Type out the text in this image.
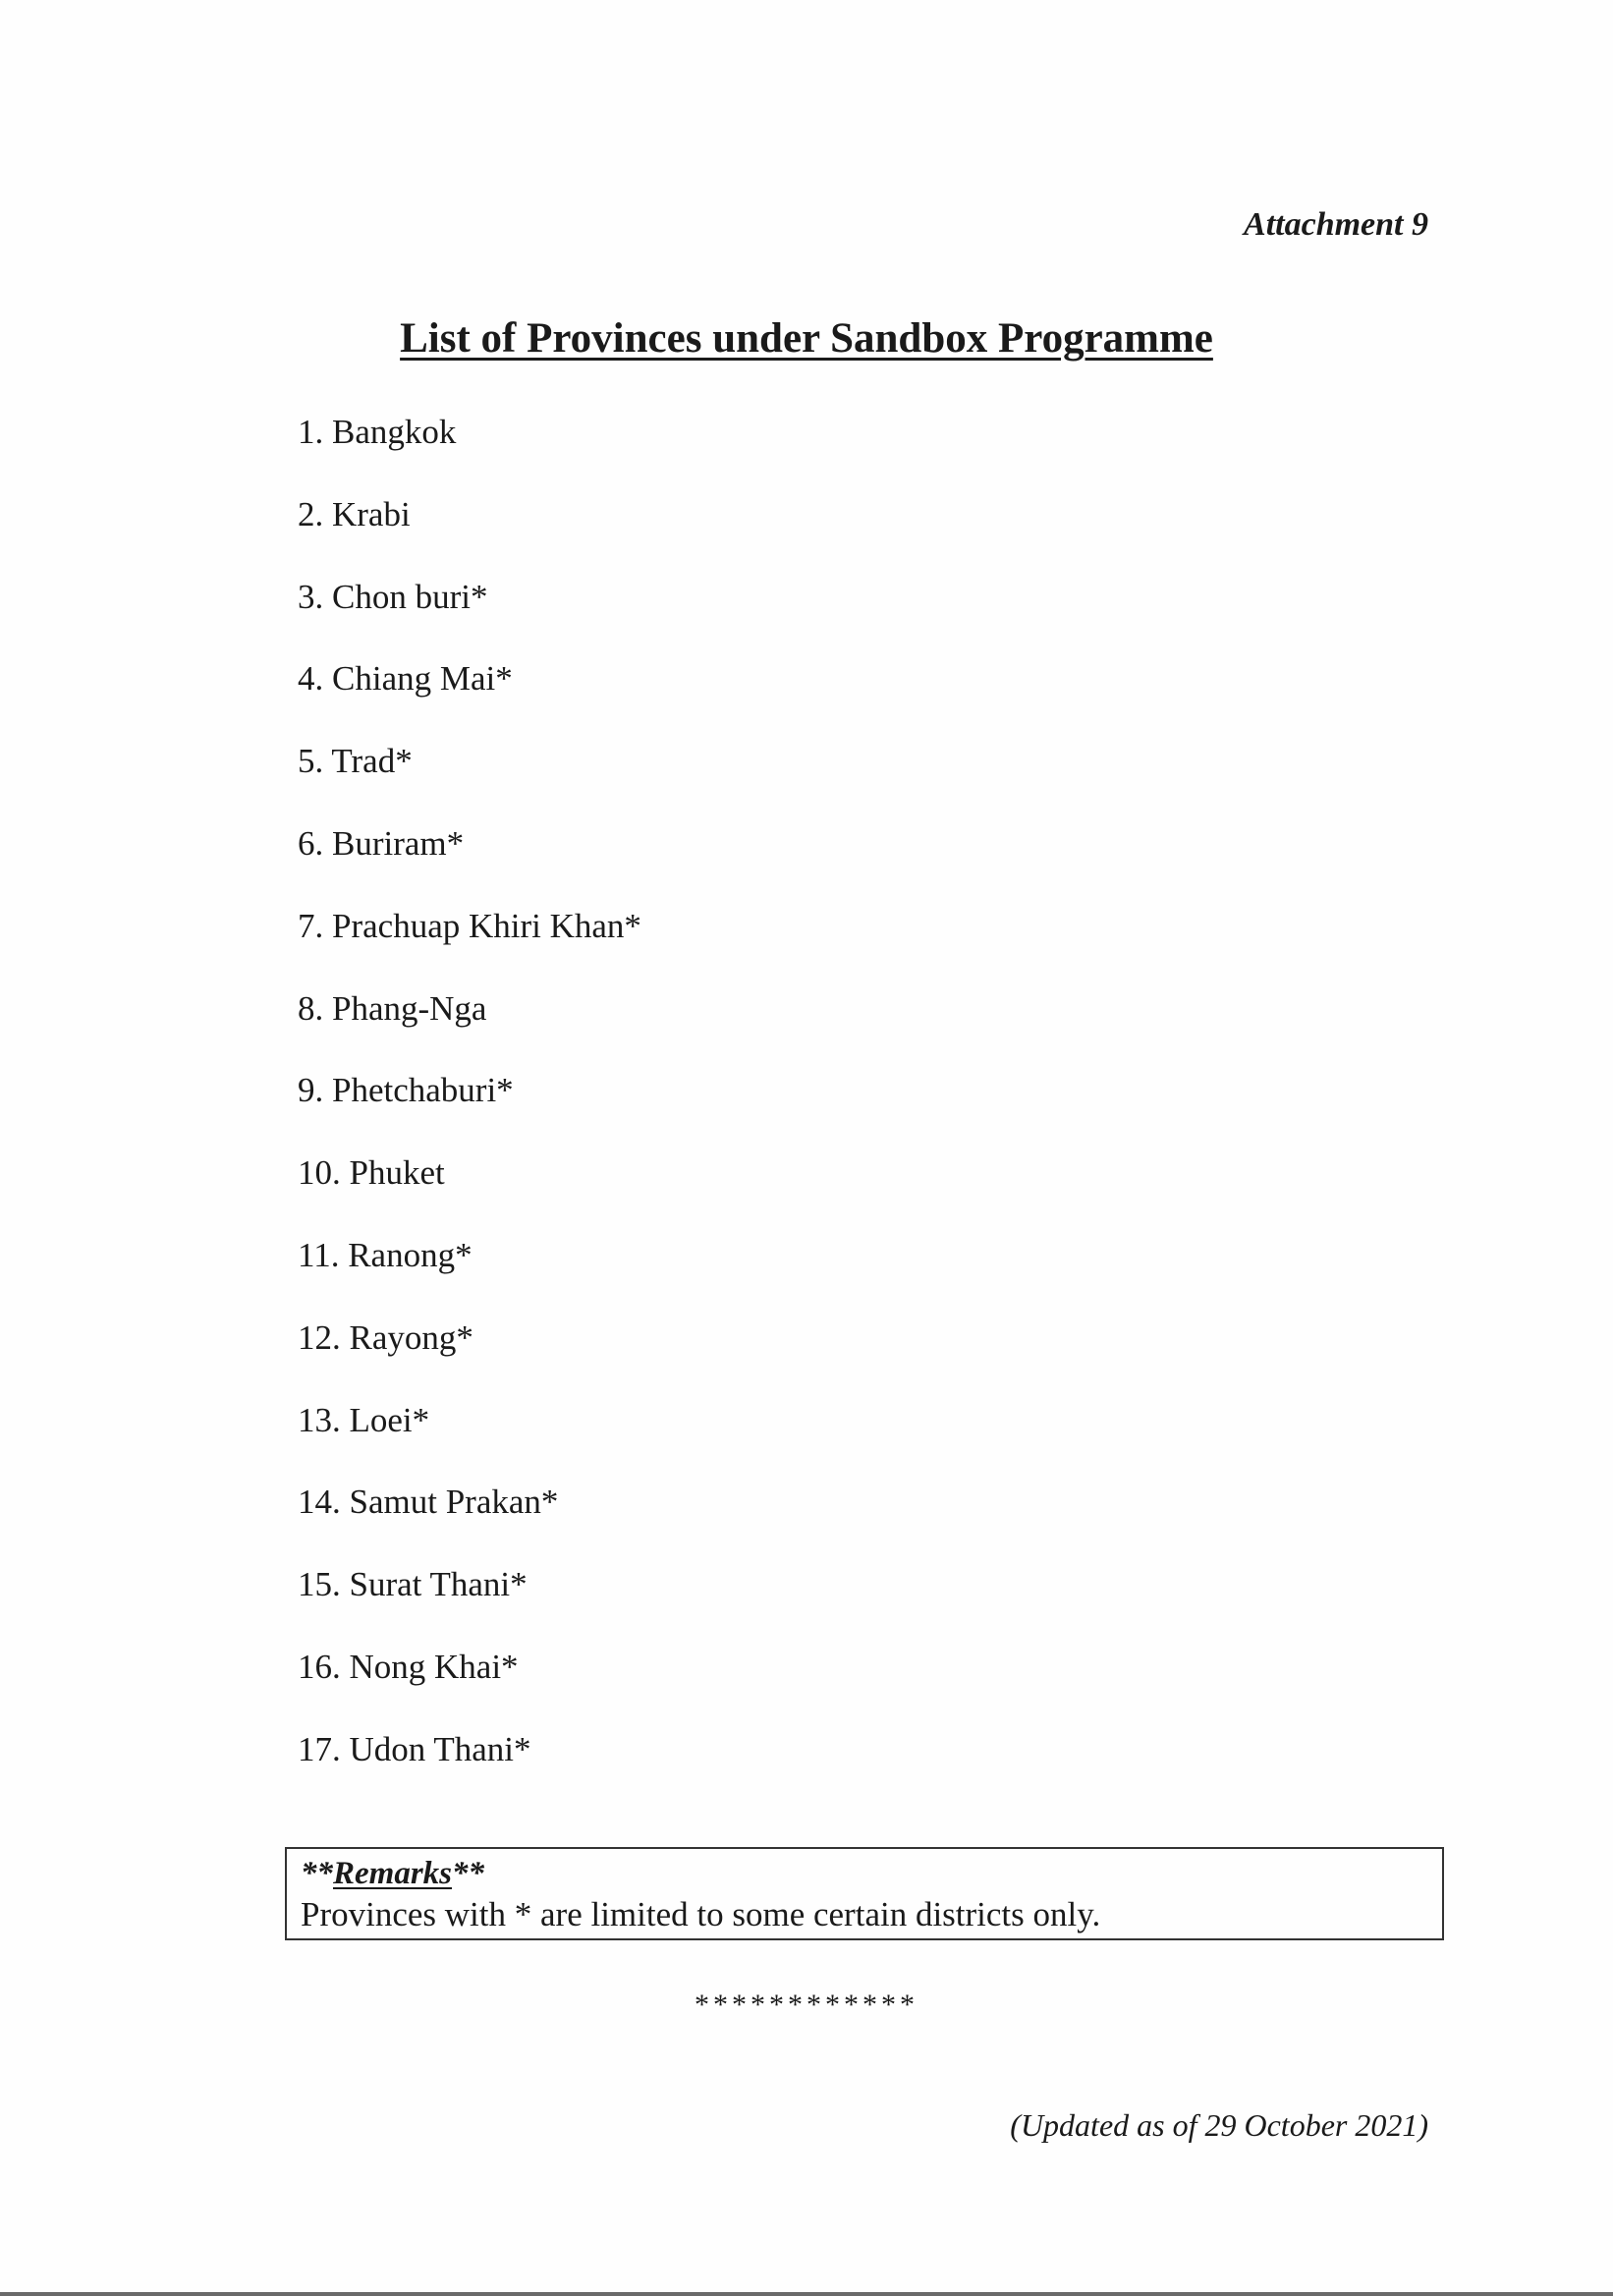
Attachment 9
List of Provinces under Sandbox Programme
1. Bangkok
2. Krabi
3. Chon buri*
4. Chiang Mai*
5. Trad*
6. Buriram*
7. Prachuap Khiri Khan*
8. Phang-Nga
9. Phetchaburi*
10. Phuket
11. Ranong*
12. Rayong*
13. Loei*
14. Samut Prakan*
15. Surat Thani*
16. Nong Khai*
17. Udon Thani*
**Remarks**
Provinces with * are limited to some certain districts only.
************
(Updated as of 29 October 2021)
